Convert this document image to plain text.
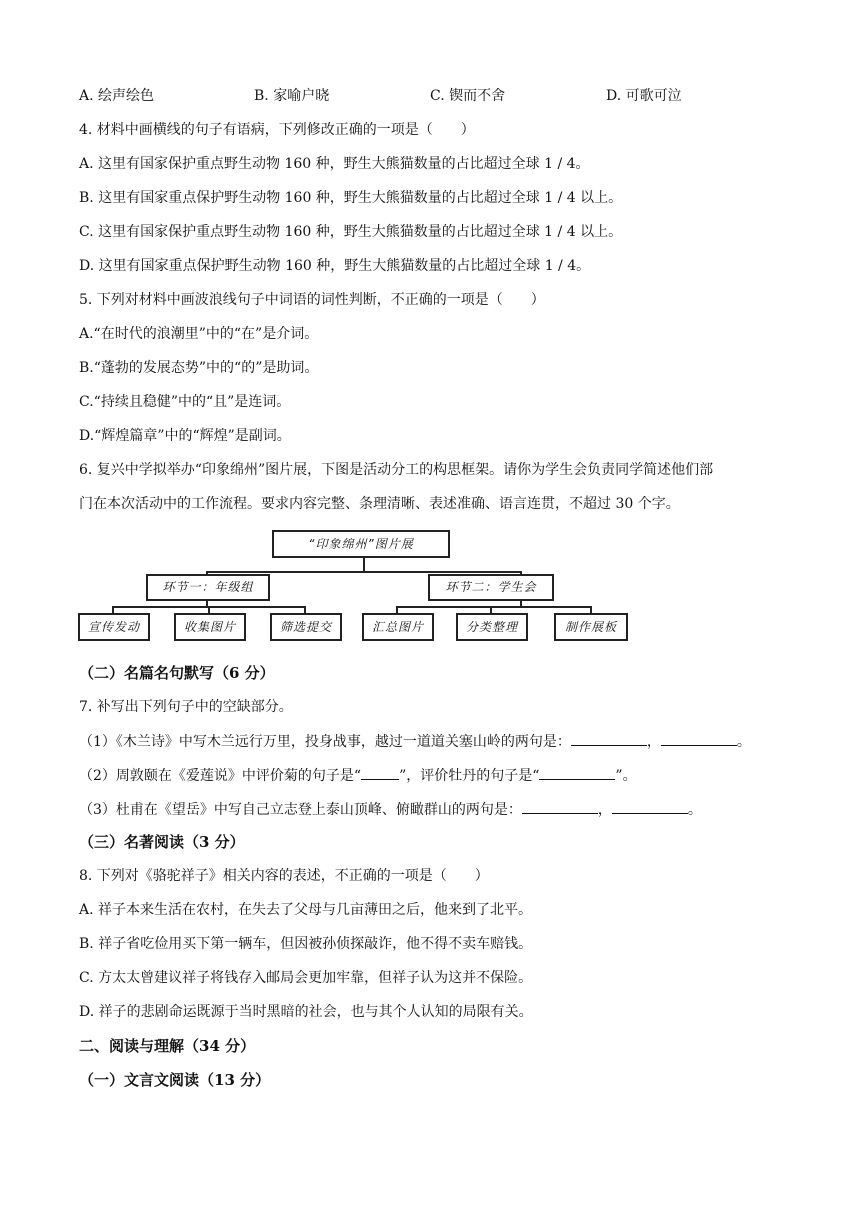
A. 绘声绘色	B. 家喻户晓	C. 锲而不舍	D. 可歌可泣
4. 材料中画横线的句子有语病，下列修改正确的一项是（　　）
A. 这里有国家保护重点野生动物 160 种，野生大熊猫数量的占比超过全球 1 / 4。
B. 这里有国家重点保护野生动物 160 种，野生大熊猫数量的占比超过全球 1 / 4 以上。
C. 这里有国家保护重点野生动物 160 种，野生大熊猫数量的占比超过全球 1 / 4 以上。
D. 这里有国家重点保护野生动物 160 种，野生大熊猫数量的占比超过全球 1 / 4。
5. 下列对材料中画波浪线句子中词语的词性判断，不正确的一项是（　　）
A.“在时代的浪潮里”中的“在”是介词。
B.“蓬勃的发展态势”中的“的”是助词。
C.“持续且稳健”中的“且”是连词。
D.“辉煌篇章”中的“辉煌”是副词。
6. 复兴中学拟举办“印象绵州”图片展，下图是活动分工的构思框架。请你为学生会负责同学简述他们部
门在本次活动中的工作流程。要求内容完整、条理清晰、表述准确、语言连贯，不超过 30 个字。
“印象绵州”图片展
环节一：年级组	环节二：学生会
宣传发动	收集图片	筛选提交	汇总图片	分类整理	制作展板
（二）名篇名句默写（6 分）
7. 补写出下列句子中的空缺部分。
（1）《木兰诗》中写木兰远行万里，投身战事，越过一道道关塞山岭的两句是：	，	。
（2）周敦颐在《爱莲说》中评价菊的句子是“	”，评价牡丹的句子是“	”。
（3）杜甫在《望岳》中写自己立志登上泰山顶峰、俯瞰群山的两句是：	，	。
（三）名著阅读（3 分）
8. 下列对《骆驼祥子》相关内容的表述，不正确的一项是（　　）
A. 祥子本来生活在农村，在失去了父母与几亩薄田之后，他来到了北平。
B. 祥子省吃俭用买下第一辆车，但因被孙侦探敲诈，他不得不卖车赔钱。
C. 方太太曾建议祥子将钱存入邮局会更加牢靠，但祥子认为这并不保险。
D. 祥子的悲剧命运既源于当时黑暗的社会，也与其个人认知的局限有关。
二、阅读与理解（34 分）
（一）文言文阅读（13 分）
